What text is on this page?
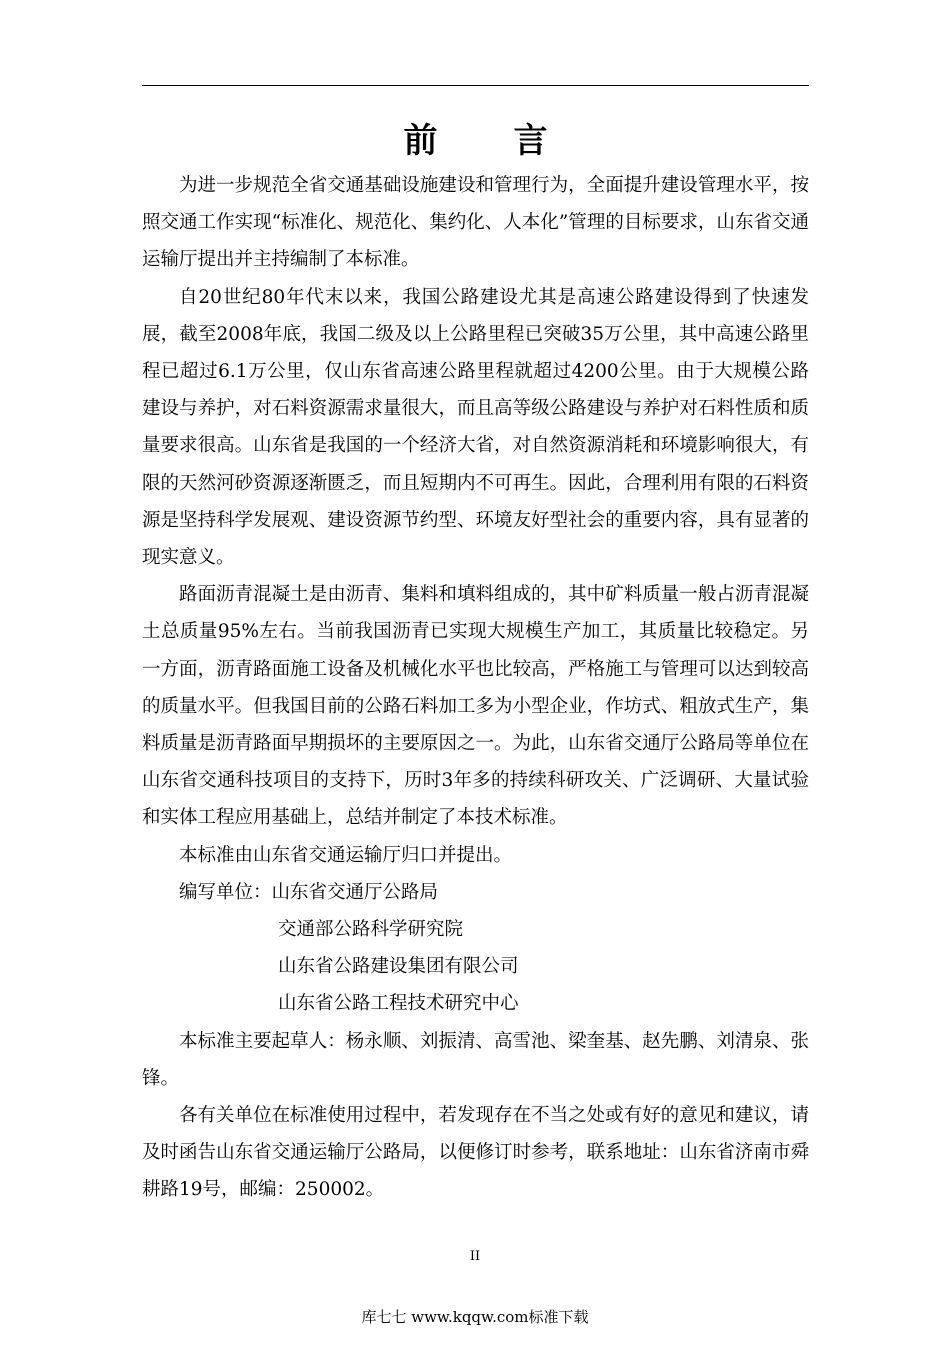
前言

为进一步规范全省交通基础设施建设和管理行为，全面提升建设管理水平，按照交通工作实现“标准化、规范化、集约化、人本化”管理的目标要求，山东省交通运输厅提出并主持编制了本标准。

自20世纪80年代末以来，我国公路建设尤其是高速公路建设得到了快速发展，截至2008年底，我国二级及以上公路里程已突破35万公里，其中高速公路里程已超过6.1万公里，仅山东省高速公路里程就超过4200公里。由于大规模公路建设与养护，对石料资源需求量很大，而且高等级公路建设与养护对石料性质和质量要求很高。山东省是我国的一个经济大省，对自然资源消耗和环境影响很大，有限的天然河砂资源逐渐匮乏，而且短期内不可再生。因此，合理利用有限的石料资源是坚持科学发展观、建设资源节约型、环境友好型社会的重要内容，具有显著的现实意义。

路面沥青混凝土是由沥青、集料和填料组成的，其中矿料质量一般占沥青混凝土总质量95%左右。当前我国沥青已实现大规模生产加工，其质量比较稳定。另一方面，沥青路面施工设备及机械化水平也比较高，严格施工与管理可以达到较高的质量水平。但我国目前的公路石料加工多为小型企业，作坊式、粗放式生产，集料质量是沥青路面早期损坏的主要原因之一。为此，山东省交通厅公路局等单位在山东省交通科技项目的支持下，历时3年多的持续科研攻关、广泛调研、大量试验和实体工程应用基础上，总结并制定了本技术标准。

本标准由山东省交通运输厅归口并提出。

编写单位：山东省交通厅公路局

交通部公路科学研究院
山东省公路建设集团有限公司
山东省公路工程技术研究中心

本标准主要起草人：杨永顺、刘振清、高雪池、梁奎基、赵先鹏、刘清泉、张锋。

各有关单位在标准使用过程中，若发现存在不当之处或有好的意见和建议，请及时函告山东省交通运输厅公路局，以便修订时参考，联系地址：山东省济南市舜耕路19号，邮编：250002。

II
库七七 www.kqqw.com标准下载
